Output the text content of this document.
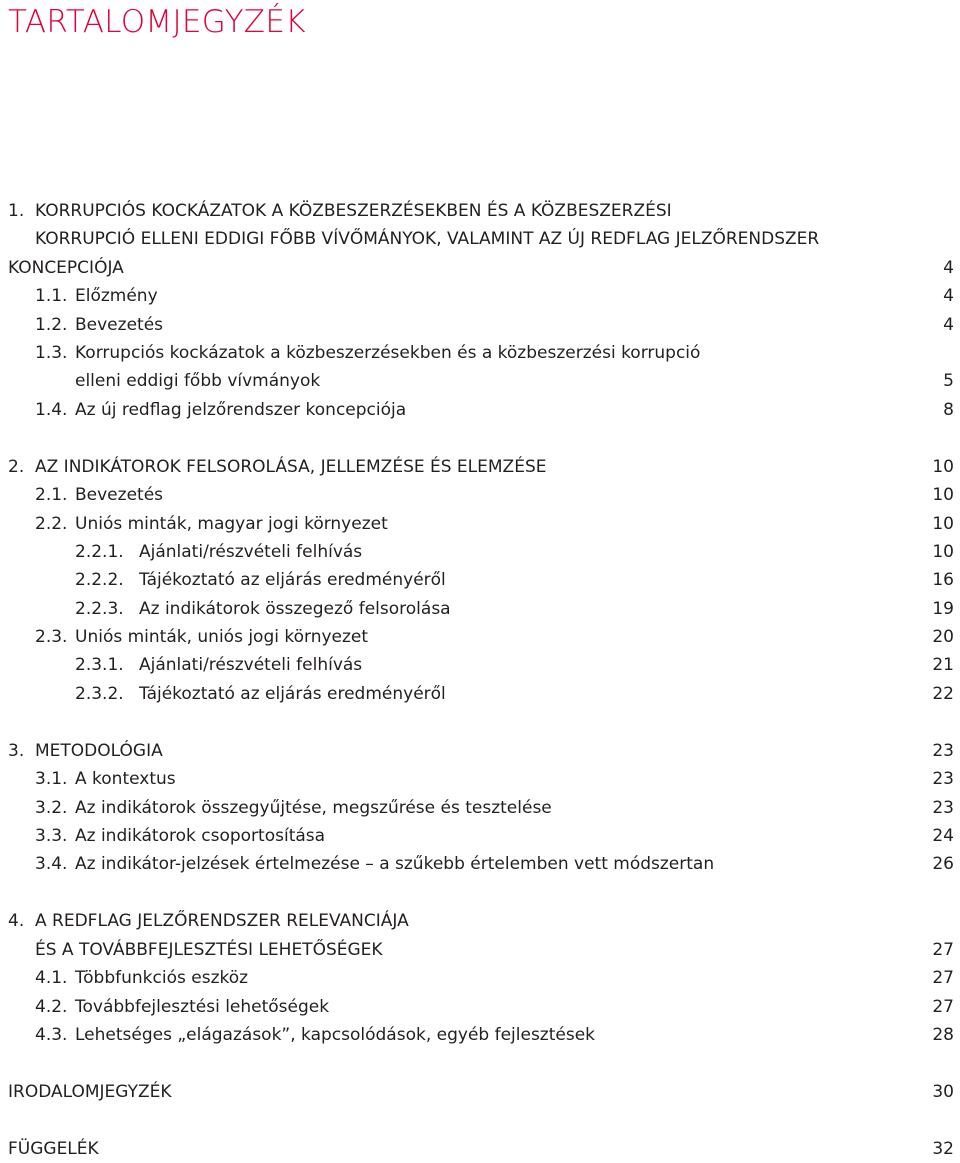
TARTALOMJEGYZÉK
1. KORRUPCIÓS KOCKÁZATOK A KÖZBESZERZÉSEKBEN ÉS A KÖZBESZERZÉSI
KORRUPCIÓ ELLENI EDDIGI FŐBB VÍVŐMÁNYOK, VALAMINT AZ ÚJ REDFLAG JELZŐRENDSZER
KONCEPCIÓJA	4
1.1. Előzmény	4
1.2. Bevezetés	4
1.3. Korrupciós kockázatok a közbeszerzésekben és a közbeszerzési korrupció
elleni eddigi főbb vívmányok	5
1.4. Az új redflag jelzőrendszer koncepciója	8
2. AZ INDIKÁTOROK FELSOROLÁSA, JELLEMZÉSE ÉS ELEMZÉSE	10
2.1. Bevezetés	10
2.2. Uniós minták, magyar jogi környezet	10
2.2.1. Ajánlati/részvételi felhívás	10
2.2.2. Tájékoztató az eljárás eredményéről	16
2.2.3. Az indikátorok összegező felsorolása	19
2.3. Uniós minták, uniós jogi környezet	20
2.3.1. Ajánlati/részvételi felhívás	21
2.3.2. Tájékoztató az eljárás eredményéről	22
3. METODOLÓGIA	23
3.1. A kontextus	23
3.2. Az indikátorok összegyűjtése, megszűrése és tesztelése	23
3.3. Az indikátorok csoportosítása	24
3.4. Az indikátor-jelzések értelmezése – a szűkebb értelemben vett módszertan	26
4. A REDFLAG JELZŐRENDSZER RELEVANCIÁJA
ÉS A TOVÁBBFEJLESZTÉSI LEHETŐSÉGEK	27
4.1. Többfunkciós eszköz	27
4.2. Továbbfejlesztési lehetőségek	27
4.3. Lehetséges „elágazások”, kapcsolódások, egyéb fejlesztések	28
IRODALOMJEGYZÉK	30
FÜGGELÉK	32
